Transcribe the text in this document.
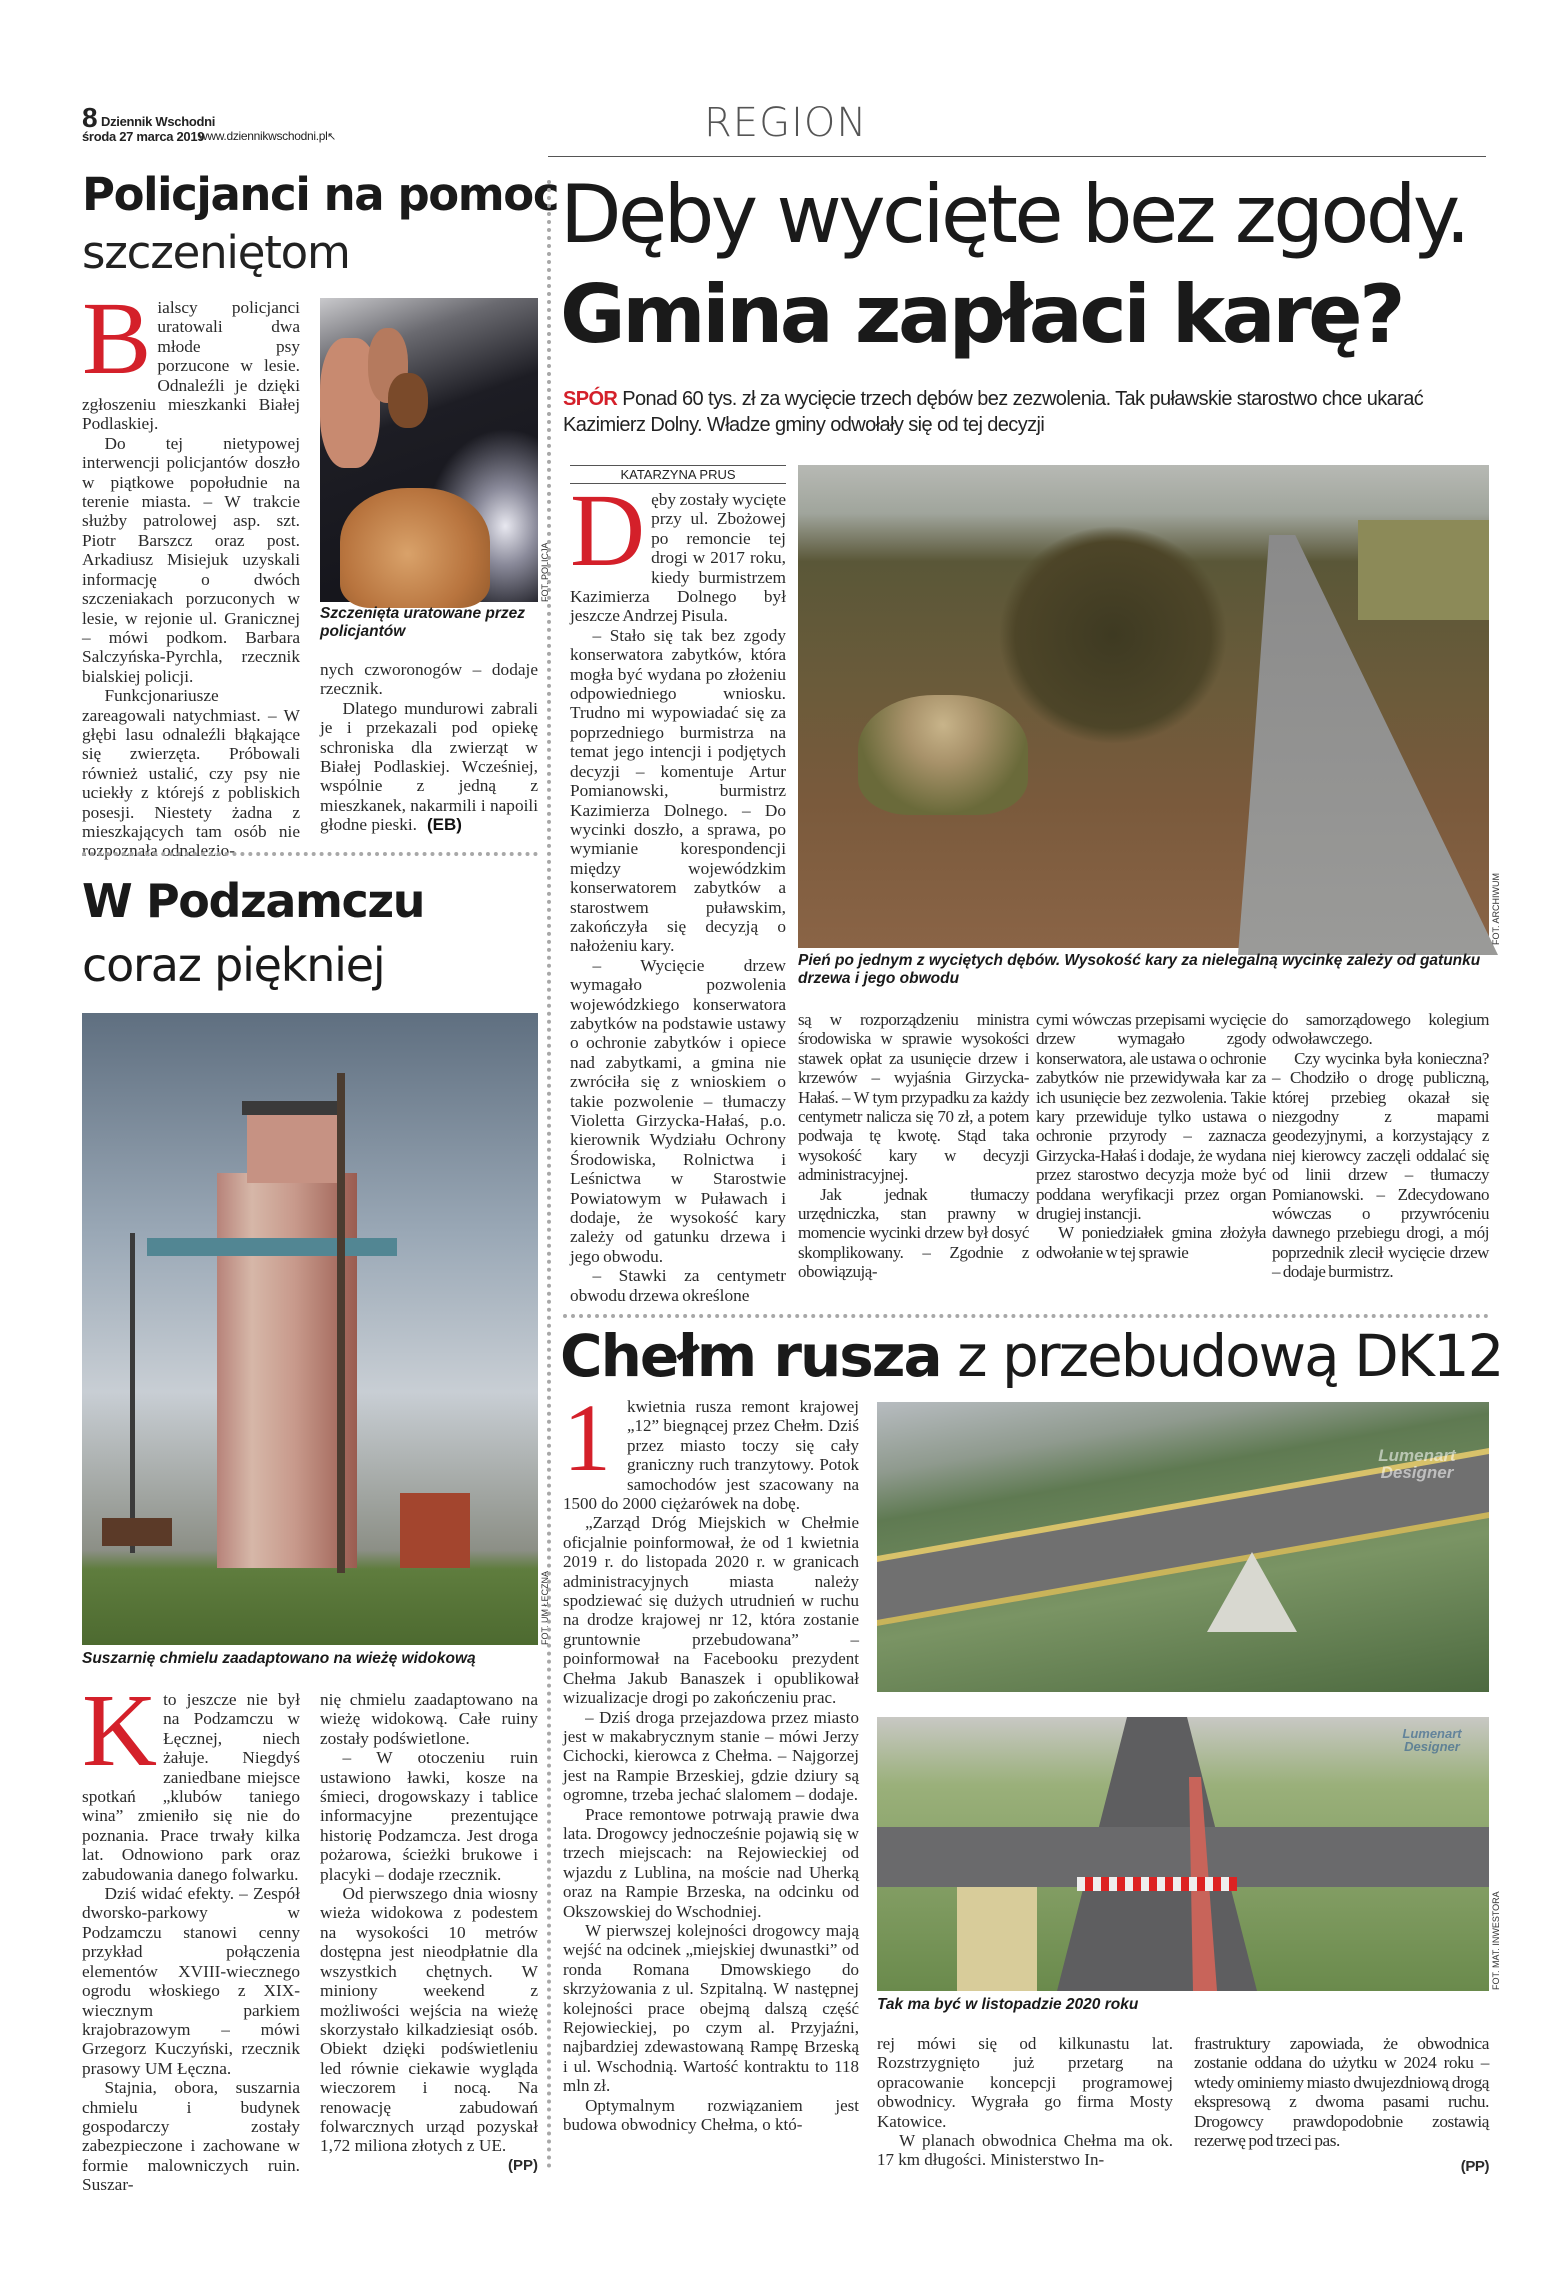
8 Dziennik Wschodni
środa 27 marca 2019
www.dziennikwschodni.pl ↖	REGION
Policjanci na pomoc
szczeniętom
B ialscy policjanci uratowali dwa młode psy porzucone w lesie. Odnaleźli je dzięki zgłoszeniu mieszkanki Białej Podlaskiej.

Do tej nietypowej interwencji policjantów doszło w piątkowe popołudnie na terenie miasta. – W trakcie służby patrolowej asp. szt. Piotr Barszcz oraz post. Arkadiusz Misiejuk uzyskali informację o dwóch szczeniakach porzuconych w lesie, w rejonie ul. Granicznej – mówi podkom. Barbara Salczyńska-Pyrchla, rzecznik bialskiej policji.

Funkcjonariusze zareagowali natychmiast. – W głębi lasu odnaleźli błąkające się zwierzęta. Próbowali również ustalić, czy psy nie uciekły z którejś z pobliskich posesji. Niestety żadna z mieszkających tam osób nie rozpoznała odnalezio-

FOT. POLICJA
Szczenięta uratowane przez policjantów

nych czworonogów – dodaje rzecznik.

Dlatego mundurowi zabrali je i przekazali pod opiekę schroniska dla zwierząt w Białej Podlaskiej. Wcześniej, wspólnie z jedną z mieszkanek, nakarmili i napoili głodne pieski. (EB)

W Podzamczu
coraz piękniej
FOT. UM ŁĘCZNA
Suszarnię chmielu zaadaptowano na wieżę widokową
K to jeszcze nie był na Podzamczu w Łęcznej, niech żałuje. Niegdyś zaniedbane miejsce spotkań „klubów taniego wina” zmieniło się nie do poznania. Prace trwały kilka lat. Odnowiono park oraz zabudowania danego folwarku.

Dziś widać efekty. – Zespół dworsko-parkowy w Podzamczu stanowi cenny przykład połączenia elementów XVIII-wiecznego ogrodu włoskiego z XIX-wiecznym parkiem krajobrazowym – mówi Grzegorz Kuczyński, rzecznik prasowy UM Łęczna.

Stajnia, obora, suszarnia chmielu i budynek gospodarczy zostały zabezpieczone i zachowane w formie malowniczych ruin. Suszar-

nię chmielu zaadaptowano na wieżę widokową. Całe ruiny zostały podświetlone.

– W otoczeniu ruin ustawiono ławki, kosze na śmieci, drogowskazy i tablice informacyjne prezentujące historię Podzamcza. Jest droga pożarowa, ścieżki brukowe i placyki – dodaje rzecznik.

Od pierwszego dnia wiosny wieża widokowa z podestem na wysokości 10 metrów dostępna jest nieodpłatnie dla wszystkich chętnych. W miniony weekend z możliwości wejścia na wieżę skorzystało kilkadziesiąt osób. Obiekt dzięki podświetleniu led równie ciekawie wygląda wieczorem i nocą. Na renowację zabudowań folwarcznych urząd pozyskał 1,72 miliona złotych z UE.

(PP)
Dęby wycięte bez zgody.
Gmina zapłaci karę?
SPÓR Ponad 60 tys. zł za wycięcie trzech dębów bez zezwolenia. Tak puławskie starostwo chce ukarać Kazimierz Dolny. Władze gminy odwołały się od tej decyzji
KATARZYNA PRUS
D ęby zostały wycięte przy ul. Zbożowej po remoncie tej drogi w 2017 roku, kiedy burmistrzem Kazimierza Dolnego był jeszcze Andrzej Pisula.

– Stało się tak bez zgody konserwatora zabytków, która mogła być wydana po złożeniu odpowiedniego wniosku. Trudno mi wypowiadać się za poprzedniego burmistrza na temat jego intencji i podjętych decyzji – komentuje Artur Pomianowski, burmistrz Kazimierza Dolnego. – Do wycinki doszło, a sprawa, po wymianie korespondencji między wojewódzkim konserwatorem zabytków a starostwem puławskim, zakończyła się decyzją o nałożeniu kary.

– Wycięcie drzew wymagało pozwolenia wojewódzkiego konserwatora zabytków na podstawie ustawy o ochronie zabytków i opiece nad zabytkami, a gmina nie zwróciła się z wnioskiem o takie pozwolenie – tłumaczy Violetta Girzycka-Hałaś, p.o. kierownik Wydziału Ochrony Środowiska, Rolnictwa i Leśnictwa w Starostwie Powiatowym w Puławach i dodaje, że wysokość kary zależy od gatunku drzewa i jego obwodu.

– Stawki za centymetr obwodu drzewa określone

FOT. ARCHIWUM
Pień po jednym z wyciętych dębów. Wysokość kary za nielegalną wycinkę zależy od gatunku drzewa i jego obwodu

są w rozporządzeniu ministra środowiska w sprawie wysokości stawek opłat za usunięcie drzew i krzewów – wyjaśnia Girzycka-Hałaś. – W tym przypadku za każdy centymetr nalicza się 70 zł, a potem podwaja tę kwotę. Stąd taka wysokość kary w decyzji administracyjnej.

Jak jednak tłumaczy urzędniczka, stan prawny w momencie wycinki drzew był dosyć skomplikowany. – Zgodnie z obowiązują-

cymi wówczas przepisami wycięcie drzew wymagało zgody konserwatora, ale ustawa o ochronie zabytków nie przewidywała kar za ich usunięcie bez zezwolenia. Takie kary przewiduje tylko ustawa o ochronie przyrody – zaznacza Girzycka-Hałaś i dodaje, że wydana przez starostwo decyzja może być poddana weryfikacji przez organ drugiej instancji.

W poniedziałek gmina złożyła odwołanie w tej sprawie

do samorządowego kolegium odwoławczego.

Czy wycinka była konieczna? – Chodziło o drogę publiczną, której przebieg okazał się niezgodny z mapami geodezyjnymi, a korzystający z niej kierowcy zaczęli oddalać się od linii drzew – tłumaczy Pomianowski. – Zdecydowano wówczas o przywróceniu dawnego przebiegu drogi, a mój poprzednik zlecił wycięcie drzew – dodaje burmistrz.

Chełm rusza z przebudową DK12
1 kwietnia rusza remont krajowej „12” biegnącej przez Chełm. Dziś przez miasto toczy się cały graniczny ruch tranzytowy. Potok samochodów jest szacowany na 1500 do 2000 ciężarówek na dobę.

„Zarząd Dróg Miejskich w Chełmie oficjalnie poinformował, że od 1 kwietnia 2019 r. do listopada 2020 r. w granicach administracyjnych miasta należy spodziewać się dużych utrudnień w ruchu na drodze krajowej nr 12, która zostanie gruntownie przebudowana” – poinformował na Facebooku prezydent Chełma Jakub Banaszek i opublikował wizualizacje drogi po zakończeniu prac.

– Dziś droga przejazdowa przez miasto jest w makabrycznym stanie – mówi Jerzy Cichocki, kierowca z Chełma. – Najgorzej jest na Rampie Brzeskiej, gdzie dziury są ogromne, trzeba jechać slalomem – dodaje.

Prace remontowe potrwają prawie dwa lata. Drogowcy jednocześnie pojawią się w trzech miejscach: na Rejowieckiej od wjazdu z Lublina, na moście nad Uherką oraz na Rampie Brzeska, na odcinku od Okszowskiej do Wschodniej.

W pierwszej kolejności drogowcy mają wejść na odcinek „miejskiej dwunastki” od ronda Romana Dmowskiego do skrzyżowania z ul. Szpitalną. W następnej kolejności prace obejmą dalszą część Rejowieckiej, po czym al. Przyjaźni, najbardziej zdewastowaną Rampę Brzeską i ul. Wschodnią. Wartość kontraktu to 118 mln zł.

Optymalnym rozwiązaniem jest budowa obwodnicy Chełma, o któ-

Lumenart Designer
Lumenart Designer
FOT. MAT. INWESTORA
Tak ma być w listopadzie 2020 roku

rej mówi się od kilkunastu lat. Rozstrzygnięto już przetarg na opracowanie koncepcji programowej obwodnicy. Wygrała go firma Mosty Katowice.

W planach obwodnica Chełma ma ok. 17 km długości. Ministerstwo In-

frastruktury zapowiada, że obwodnica zostanie oddana do użytku w 2024 roku – wtedy ominiemy miasto dwujezdniową drogą ekspresową z dwoma pasami ruchu. Drogowcy prawdopodobnie zostawią rezerwę pod trzeci pas.

(PP)
